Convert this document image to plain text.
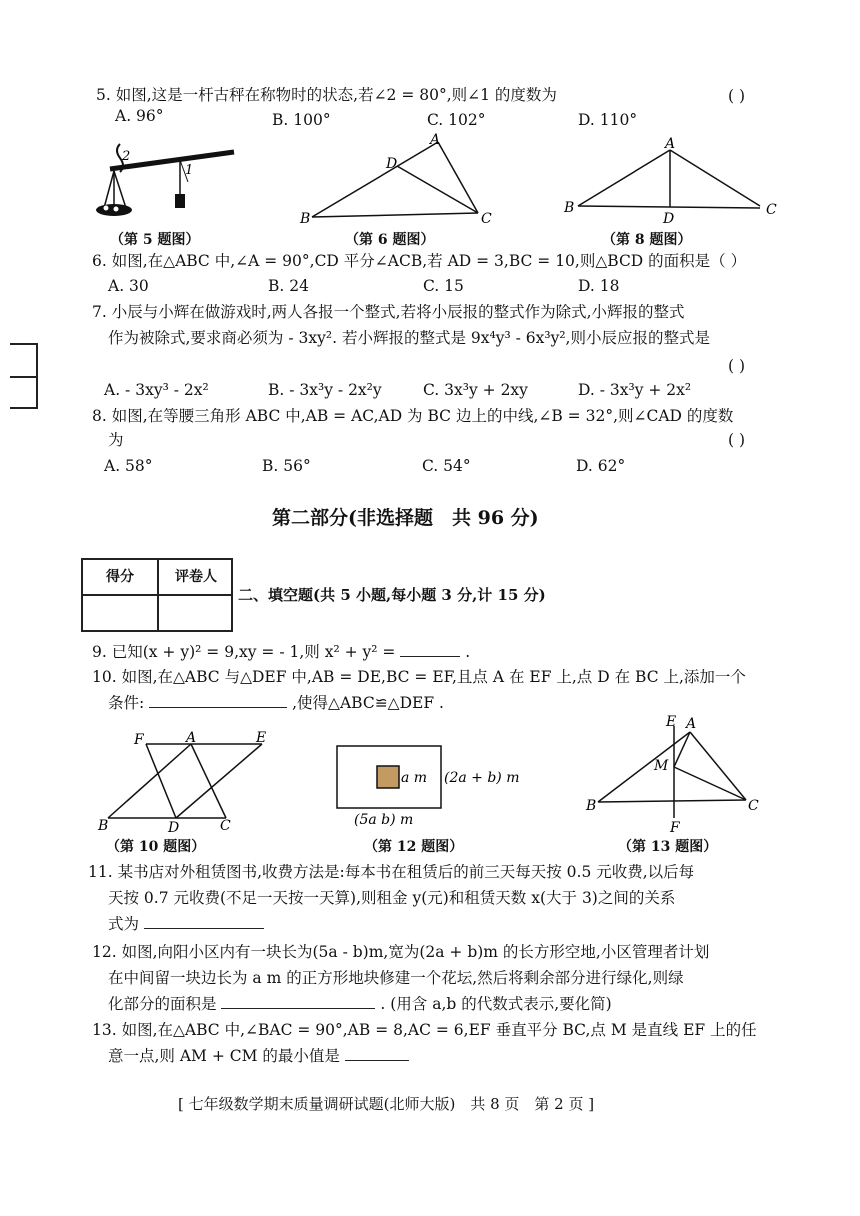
5. 如图,这是一杆古秤在称物时的状态,若∠2 = 80°,则∠1 的度数为	( )
A. 96°	B. 100°	C. 102°	D. 110°
2
1
（第 5 题图）
A
D
B	C
（第 6 题图）
A
B
D
C
（第 8 题图）
6. 如图,在△ABC 中,∠A = 90°,CD 平分∠ACB,若 AD = 3,BC = 10,则△BCD 的面积是（ ）
A. 30	B. 24	C. 15	D. 18
7. 小辰与小辉在做游戏时,两人各报一个整式,若将小辰报的整式作为除式,小辉报的整式
作为被除式,要求商必须为 - 3xy². 若小辉报的整式是 9x⁴y³ - 6x³y²,则小辰应报的整式是
( )
A. - 3xy³ - 2x²	B. - 3x³y - 2x²y	C. 3x³y + 2xy	D. - 3x³y + 2x²
8. 如图,在等腰三角形 ABC 中,AB = AC,AD 为 BC 边上的中线,∠B = 32°,则∠CAD 的度数
为	( )
A. 58°	B. 56°	C. 54°	D. 62°
第二部分(非选择题　共 96 分)
得分	评卷人
二、填空题(共 5 小题,每小题 3 分,计 15 分)
9. 已知(x + y)² = 9,xy = - 1,则 x² + y² =	.
10. 如图,在△ABC 与△DEF 中,AB = DE,BC = EF,且点 A 在 EF 上,点 D 在 BC 上,添加一个
条件:	,使得△ABC≌△DEF .
F	A	E
B	D	C
（第 10 题图）
a m (2a + b) m
(5a b) m
（第 12 题图）
E A
M
B	C
F
（第 13 题图）
11. 某书店对外租赁图书,收费方法是:每本书在租赁后的前三天每天按 0.5 元收费,以后每
天按 0.7 元收费(不足一天按一天算),则租金 y(元)和租赁天数 x(大于 3)之间的关系
式为
12. 如图,向阳小区内有一块长为(5a - b)m,宽为(2a + b)m 的长方形空地,小区管理者计划
在中间留一块边长为 a m 的正方形地块修建一个花坛,然后将剩余部分进行绿化,则绿
化部分的面积是	. (用含 a,b 的代数式表示,要化简)
13. 如图,在△ABC 中,∠BAC = 90°,AB = 8,AC = 6,EF 垂直平分 BC,点 M 是直线 EF 上的任
意一点,则 AM + CM 的最小值是
[ 七年级数学期末质量调研试题(北师大版)　共 8 页　第 2 页 ]
